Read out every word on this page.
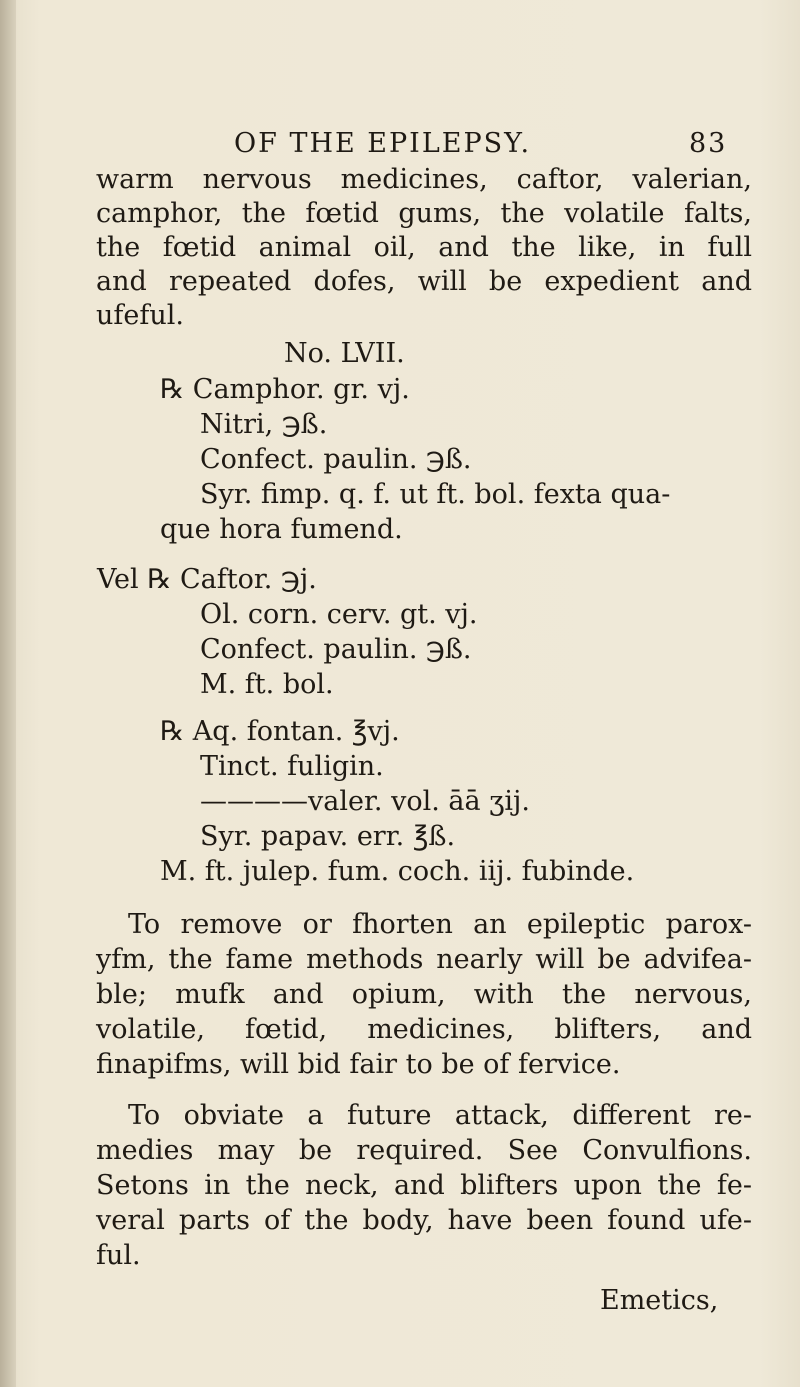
OF THE EPILEPSY.	83
warm nervous medicines, caftor, valerian,
camphor, the fœtid gums, the volatile falts,
the fœtid animal oil, and the like, in full
and repeated dofes, will be expedient and
ufeful.
No. LVII.
℞ Camphor. gr. vj.
Nitri, ℈ß.
Confect. paulin. ℈ß.
Syr. fimp. q. f. ut ft. bol. fexta qua-
que hora fumend.
Vel ℞ Caftor. ℈j.
Ol. corn. cerv. gt. vj.
Confect. paulin. ℈ß.
M. ft. bol.
℞ Aq. fontan. ℥vj.
Tinct. fuligin.
————valer. vol. āā ʒij.
Syr. papav. err. ℥ß.
M. ft. julep. fum. coch. iij. fubinde.
To remove or fhorten an epileptic parox-
yfm, the fame methods nearly will be advifea-
ble; mufk and opium, with the nervous,
volatile, fœtid, medicines, blifters, and
finapifms, will bid fair to be of fervice.
To obviate a future attack, different re-
medies may be required. See Convulfions.
Setons in the neck, and blifters upon the fe-
veral parts of the body, have been found ufe-
ful.
Emetics,
